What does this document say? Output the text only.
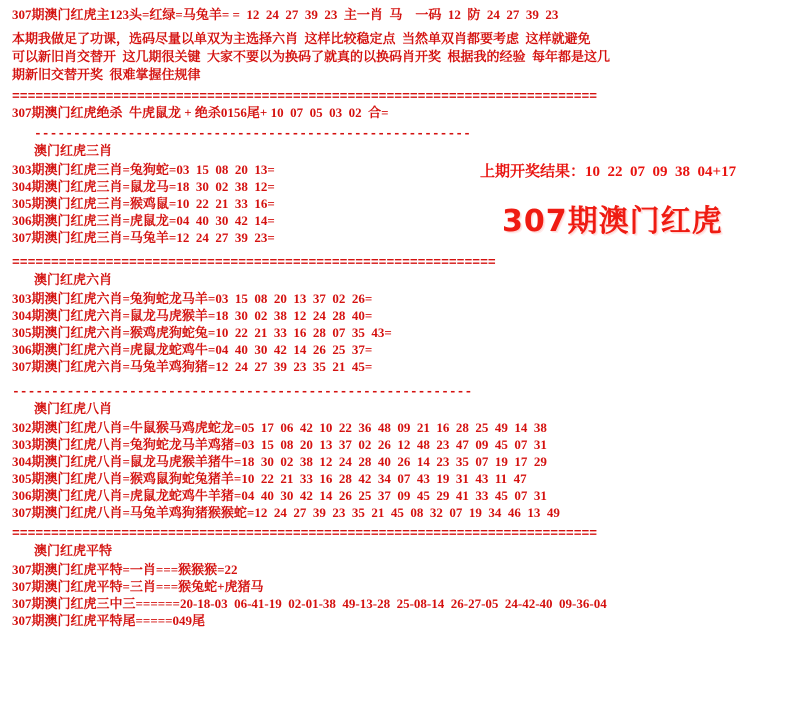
307期澳门红虎主123头=红绿=马兔羊= =  12  24  27  39  23  主一肖  马    一码  12  防  24  27  39  23
本期我做足了功课，选码尽量以单双为主选择六肖  这样比较稳定点  当然单双肖都要考虑  这样就避免
可以新旧肖交替开  这几期很关键  大家不要以为换码了就真的以换码肖开奖  根据我的经验  每年都是这几
期新旧交替开奖  很难掌握住规律
===========================================================================
307期澳门红虎绝杀  牛虎鼠龙 + 绝杀0156尾+ 10  07  05  03  02  合=
--------------------------------------------------------
澳门红虎三肖
303期澳门红虎三肖=兔狗蛇=03  15  08  20  13=
304期澳门红虎三肖=鼠龙马=18  30  02  38  12=
305期澳门红虎三肖=猴鸡鼠=10  22  21  33  16=
306期澳门红虎三肖=虎鼠龙=04  40  30  42  14=
307期澳门红虎三肖=马兔羊=12  24  27  39  23=
==============================================================
澳门红虎六肖
303期澳门红虎六肖=兔狗蛇龙马羊=03  15  08  20  13  37  02  26=
304期澳门红虎六肖=鼠龙马虎猴羊=18  30  02  38  12  24  28  40=
305期澳门红虎六肖=猴鸡虎狗蛇兔=10  22  21  33  16  28  07  35  43=
306期澳门红虎六肖=虎鼠龙蛇鸡牛=04  40  30  42  14  26  25  37=
307期澳门红虎六肖=马兔羊鸡狗猪=12  24  27  39  23  35  21  45=
-----------------------------------------------------------
澳门红虎八肖
302期澳门红虎八肖=牛鼠猴马鸡虎蛇龙=05  17  06  42  10  22  36  48  09  21  16  28  25  49  14  38
303期澳门红虎八肖=兔狗蛇龙马羊鸡猪=03  15  08  20  13  37  02  26  12  48  23  47  09  45  07  31
304期澳门红虎八肖=鼠龙马虎猴羊猪牛=18  30  02  38  12  24  28  40  26  14  23  35  07  19  17  29
305期澳门红虎八肖=猴鸡鼠狗蛇兔猪羊=10  22  21  33  16  28  42  34  07  43  19  31  43  11  47
306期澳门红虎八肖=虎鼠龙蛇鸡牛羊猪=04  40  30  42  14  26  25  37  09  45  29  41  33  45  07  31
307期澳门红虎八肖=马兔羊鸡狗猪猴猴蛇=12  24  27  39  23  35  21  45  08  32  07  19  34  46  13  49
===========================================================================
澳门红虎平特
307期澳门红虎平特=一肖===猴猴猴=22
307期澳门红虎平特=三肖===猴兔蛇+虎猪马
307期澳门红虎三中三======20-18-03  06-41-19  02-01-38  49-13-28  25-08-14  26-27-05  24-42-40  09-36-04
307期澳门红虎平特尾=====049尾
上期开奖结果：10  22  07  09  38  04+17
307期澳门红虎
